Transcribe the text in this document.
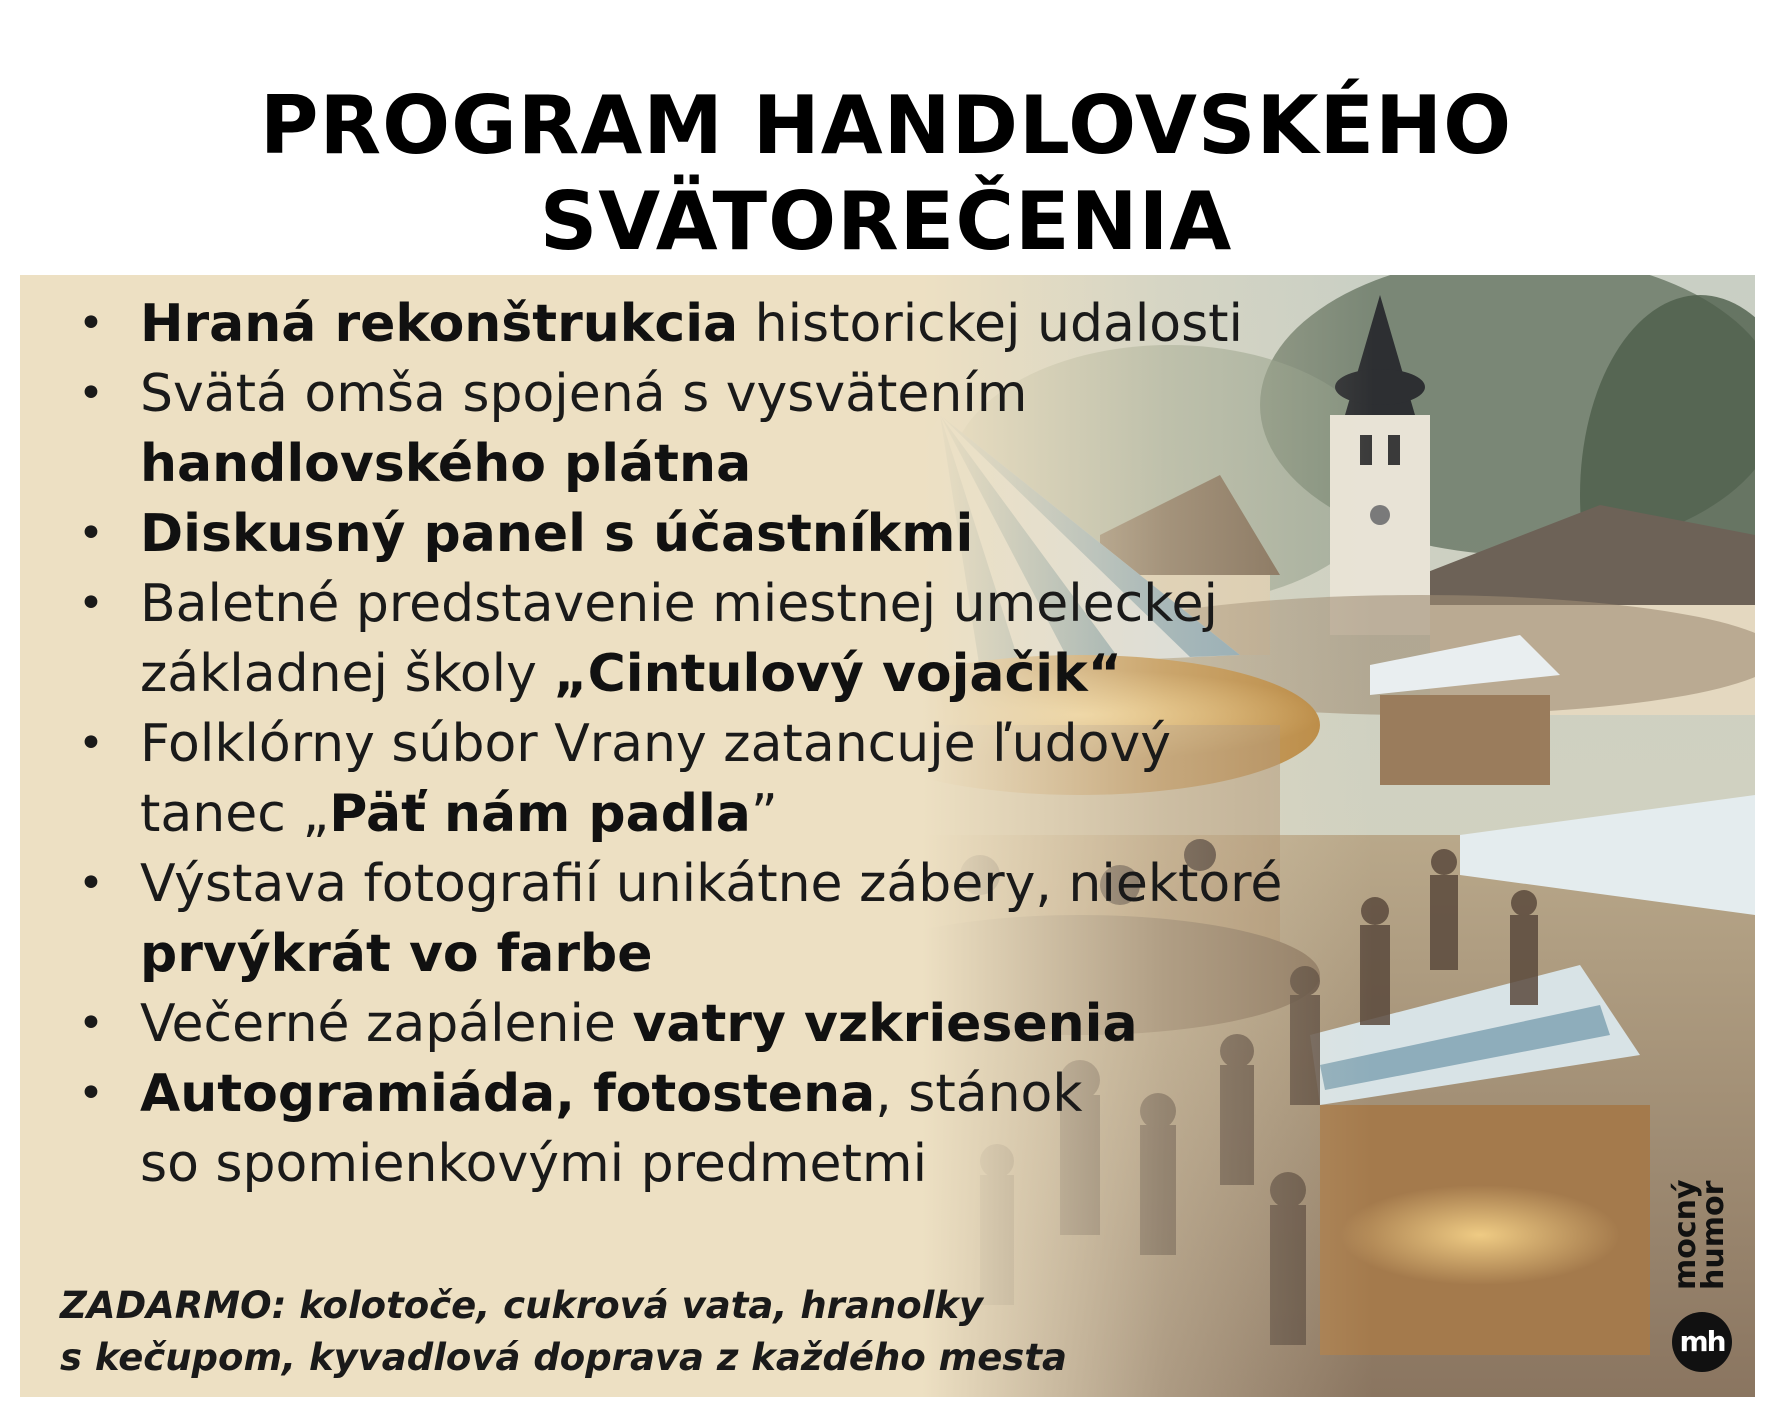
PROGRAM HANDLOVSKÉHO
SVÄTOREČENIA
• Hraná rekonštrukcia historickej udalosti
• Svätá omša spojená s vysvätením
handlovského plátna
• Diskusný panel s účastníkmi
• Baletné predstavenie miestnej umeleckej
základnej školy „Cintulový vojačik“
• Folklórny súbor Vrany zatancuje ľudový
tanec „Päť nám padla”
• Výstava fotografií unikátne zábery, niektoré
prvýkrát vo farbe
• Večerné zapálenie vatry vzkriesenia
• Autogramiáda, fotostena, stánok
so spomienkovými predmetmi
ZADARMO: kolotoče, cukrová vata, hranolky
s kečupom, kyvadlová doprava z každého mesta
mocný
humor
mh
